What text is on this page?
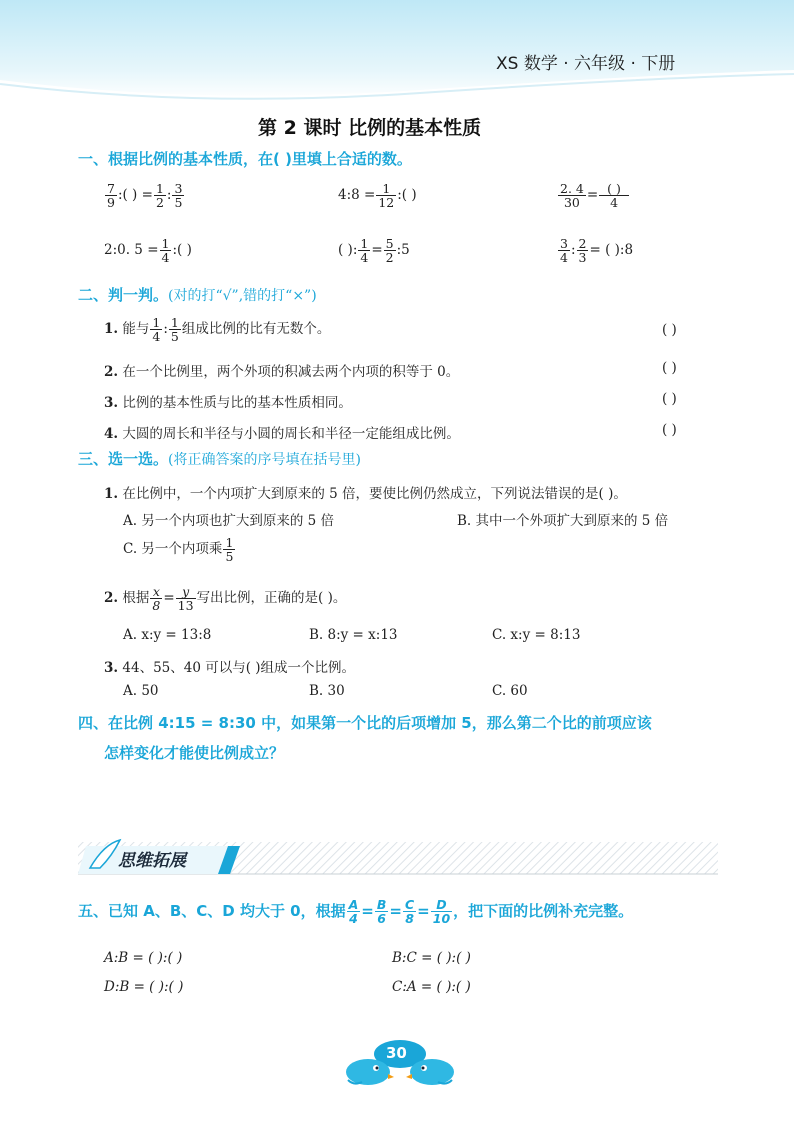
XS 数学 · 六年级 · 下册
第 2 课时 比例的基本性质
一、根据比例的基本性质，在( )里填上合适的数。
$\frac{7}{9}$ :( ) = $\frac{1}{2}$ : $\frac{3}{5}$	4:8 = $\frac{1}{12}$ :( )	$\frac{2. 4}{30} = \frac{( )}{4}$
2:0. $5 = \frac{1}{4}$ :( )	( ): $\frac{1}{4} = \frac{5}{2}$ :5	$\frac{3}{4}$ : $\frac{2}{3}$ = ( ):8
二、判一判。(对的打“√”,错的打“×”)
1. 能与 $\frac{1}{4}$ : $\frac{1}{5}$ 组成比例的比有无数个。	( )
2. 在一个比例里，两个外项的积减去两个内项的积等于 0。	( )
3. 比例的基本性质与比的基本性质相同。	( )
4. 大圆的周长和半径与小圆的周长和半径一定能组成比例。	( )
三、选一选。(将正确答案的序号填在括号里)
1. 在比例中，一个内项扩大到原来的 5 倍，要使比例仍然成立，下列说法错误的是( )。
A. 另一个内项也扩大到原来的 5 倍	B. 其中一个外项扩大到原来的 5 倍
C. 另一个内项乘 $\frac{1}{5}$
2. 根据 $\frac{x}{8} = \frac{y}{13}$ 写出比例，正确的是( )。
A. x:y = 13:8	B. 8:y = x:13	C. x:y = 8:13
3. 44、55、40 可以与( )组成一个比例。
A. 50	B. 30	C. 60
四、在比例 4:15 = 8:30 中，如果第一个比的后项增加 5，那么第二个比的前项应该
怎样变化才能使比例成立？
思维拓展
五、已知 A、B、C、D 均大于 0，根据 $\frac{A}{4} = \frac{B}{6} = \frac{C}{8} = \frac{D}{10}$ ，把下面的比例补充完整。
A:B = ( ):( )	B:C = ( ):( )
D:B = ( ):( )	C:A = ( ):( )
30
